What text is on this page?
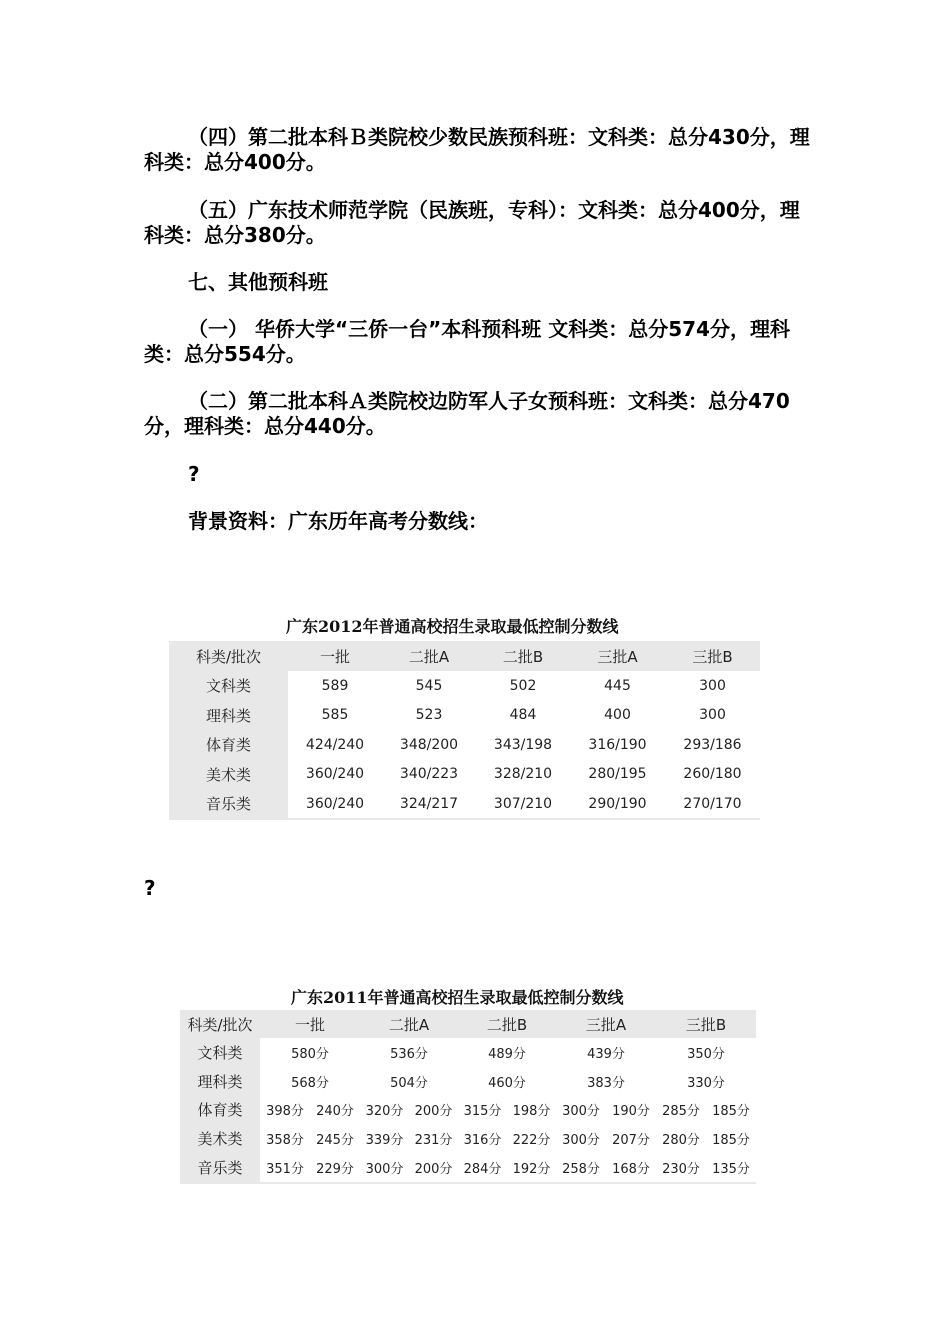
（四）第二批本科Ｂ类院校少数民族预科班：文科类：总分430分，理科类：总分400分。

（五）广东技术师范学院（民族班，专科）：文科类：总分400分，理科类：总分380分。

七、其他预科班

（一） 华侨大学“三侨一台”本科预科班 文科类：总分574分，理科类：总分554分。

（二）第二批本科Ａ类院校边防军人子女预科班：文科类：总分470分，理科类：总分440分。

?

背景资料：广东历年高考分数线：

广东2012年普通高校招生录取最低控制分数线
科类/批次	一批	二批A	二批B	三批A	三批B
文科类	589	545	502	445	300
理科类	585	523	484	400	300
体育类	424/240	348/200	343/198	316/190	293/186
美术类	360/240	340/223	328/210	280/195	260/180
音乐类	360/240	324/217	307/210	290/190	270/170

?

广东2011年普通高校招生录取最低控制分数线
科类/批次	一批		二批A		二批B		三批A		三批B	
文科类	580分		536分		489分		439分		350分	
理科类	568分		504分		460分		383分		330分	
体育类	398分	240分	320分	200分	315分	198分	300分	190分	285分	185分
美术类	358分	245分	339分	231分	316分	222分	300分	207分	280分	185分
音乐类	351分	229分	300分	200分	284分	192分	258分	168分	230分	135分
